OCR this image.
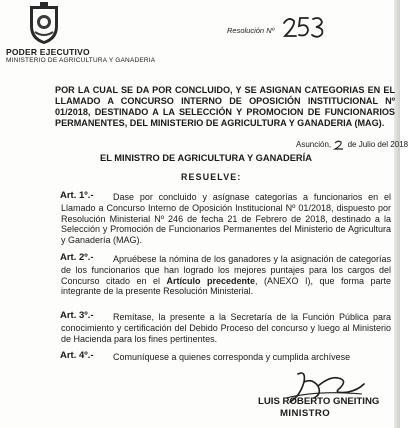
PODER EJECUTIVO
MINISTERIO DE AGRICULTURA Y GANADERIA
Resolución Nº
POR LA CUAL SE DA POR CONCLUIDO, Y SE ASIGNAN CATEGORIAS EN EL LLAMADO A CONCURSO INTERNO DE OPOSICIÓN INSTITUCIONAL Nº 01/2018, DESTINADO A LA SELECCIÓN Y PROMOCION DE FUNCIONARIOS PERMANENTES, DEL MINISTERIO DE AGRICULTURA Y GANADERIA (MAG).
Asunción, de Julio del 2018
EL MINISTRO DE AGRICULTURA Y GANADERÍA
RESUELVE:
Art. 1º.-	Dase por concluido y asígnase categorías a funcionarios en el Llamado a Concurso Interno de Oposición Institucional Nº 01/2018, dispuesto por Resolución Ministerial Nº 246 de fecha 21 de Febrero de 2018, destinado a la Selección y Promoción de Funcionarios Permanentes del Ministerio de Agricultura y Ganadería (MAG).
Art. 2º.-	Apruébese la nómina de los ganadores y la asignación de categorías de los funcionarios que han logrado los mejores puntajes para los cargos del Concurso citado en el Artículo precedente, (ANEXO I), que forma parte integrante de la presente Resolución Ministerial.
Art. 3º.-	Remítase, la presente a la Secretaría de la Función Pública para conocimiento y certificación del Debido Proceso del concurso y luego al Ministerio de Hacienda para los fines pertinentes.
Art. 4º.-	Comuníquese a quienes corresponda y cumplida archívese
LUIS ROBERTO GNEITING
MINISTRO
